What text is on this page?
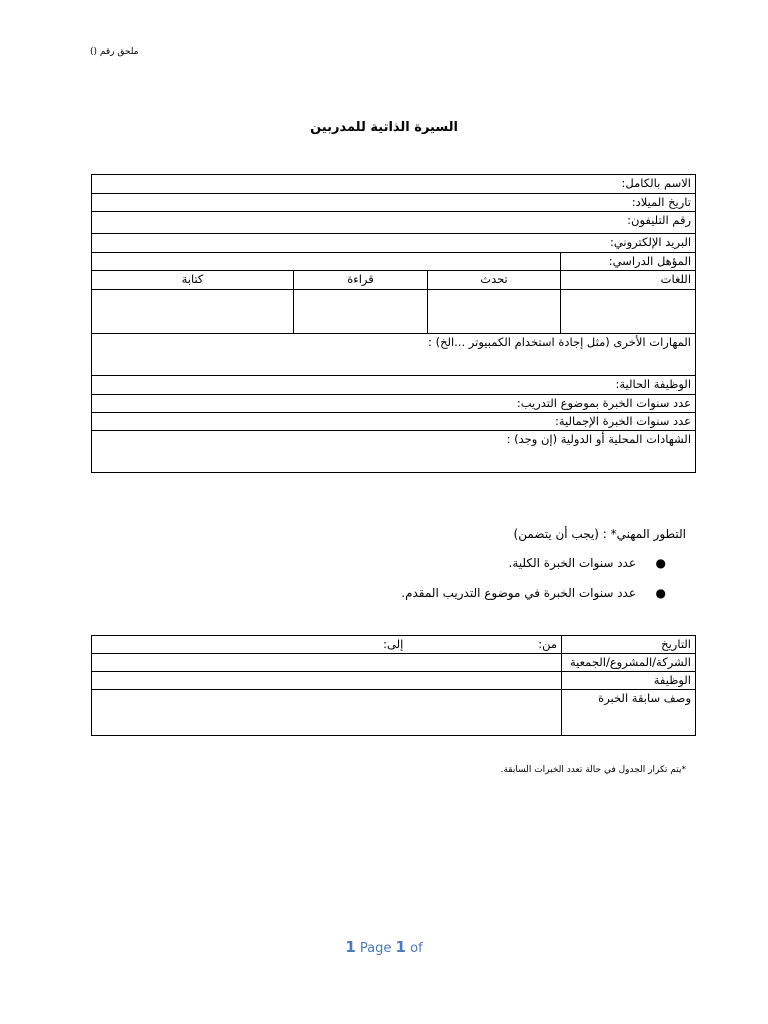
ملحق رقم ()
السيرة الذاتية للمدربين
الاسم بالكامل:			
تاريخ الميلاد:			
رقم التليفون:			
البريد الإلكتروني:			
المؤهل الدراسي:			
اللغات	تحدث	قراءة	كتابة

المهارات الأخرى (مثل إجادة استخدام الكمبيوتر ...الخ) :			
الوظيفة الحالية:			
عدد سنوات الخبرة بموضوع التدريب:			
عدد سنوات الخبرة الإجمالية:			
الشهادات المحلية أو الدولية (إن وجد) :			
التطور المهني* : (يجب أن يتضمن)
●
عدد سنوات الخبرة الكلية.
●
عدد سنوات الخبرة في موضوع التدريب المقدم.
التاريخ	من: إلى:
الشركة/المشروع/الجمعية	
الوظيفة	
وصف سابقة الخبرة	
*يتم تكرار الجدول في حالة تعدد الخبرات السابقة.
1 Page 1 of
